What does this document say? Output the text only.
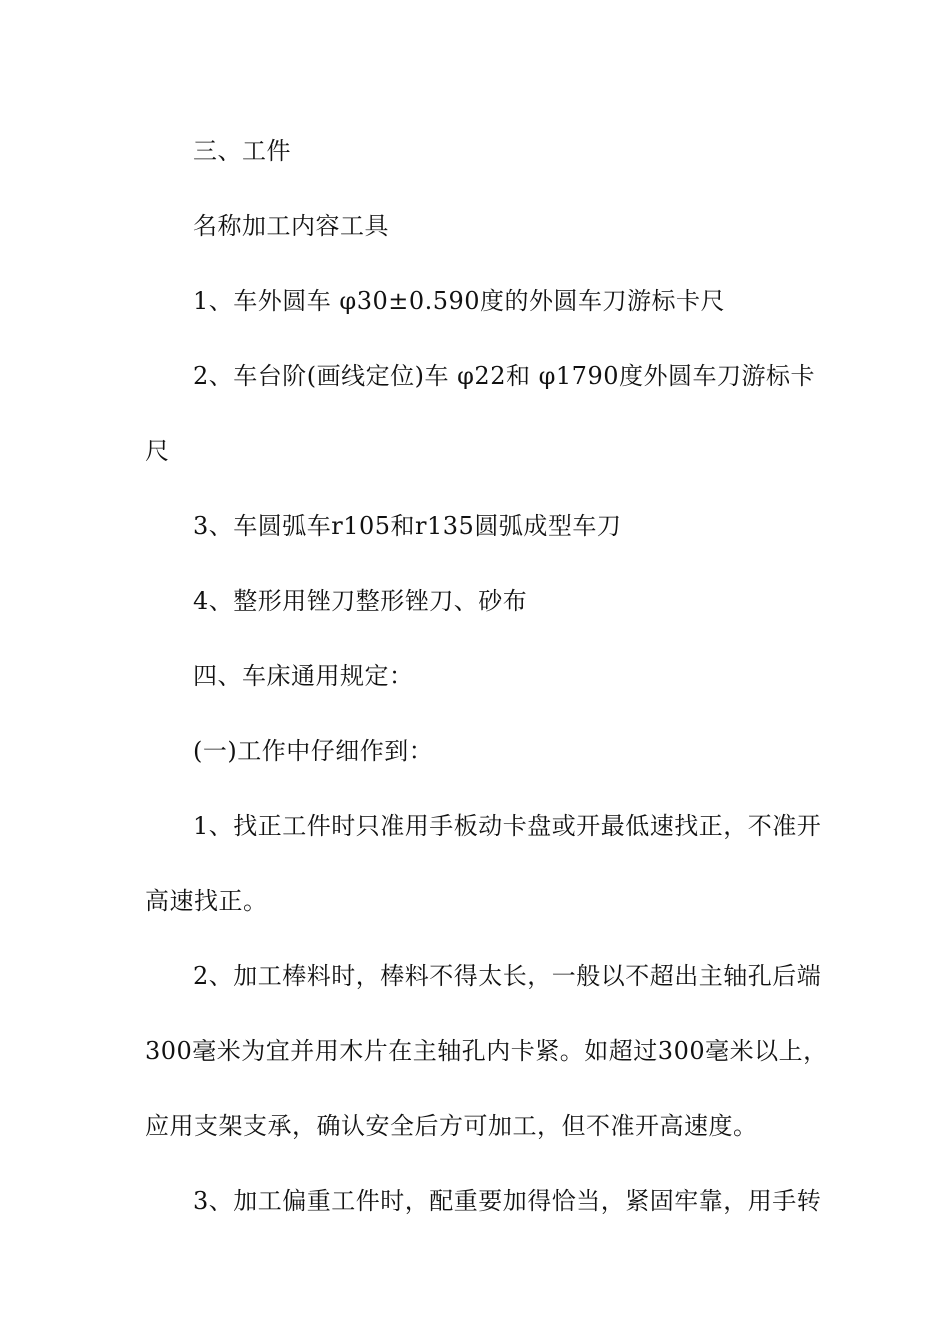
三、工件
名称加工内容工具
1、车外圆车 φ30±0.590度的外圆车刀游标卡尺
2、车台阶(画线定位)车 φ22和 φ1790度外圆车刀游标卡
尺
3、车圆弧车r105和r135圆弧成型车刀
4、整形用锉刀整形锉刀、砂布
四、车床通用规定：
(一)工作中仔细作到：
1、找正工件时只准用手板动卡盘或开最低速找正，不准开
高速找正。
2、加工棒料时，棒料不得太长，一般以不超出主轴孔后端
300毫米为宜并用木片在主轴孔内卡紧。如超过300毫米以上，
应用支架支承，确认安全后方可加工，但不准开高速度。
3、加工偏重工件时，配重要加得恰当，紧固牢靠，用手转
